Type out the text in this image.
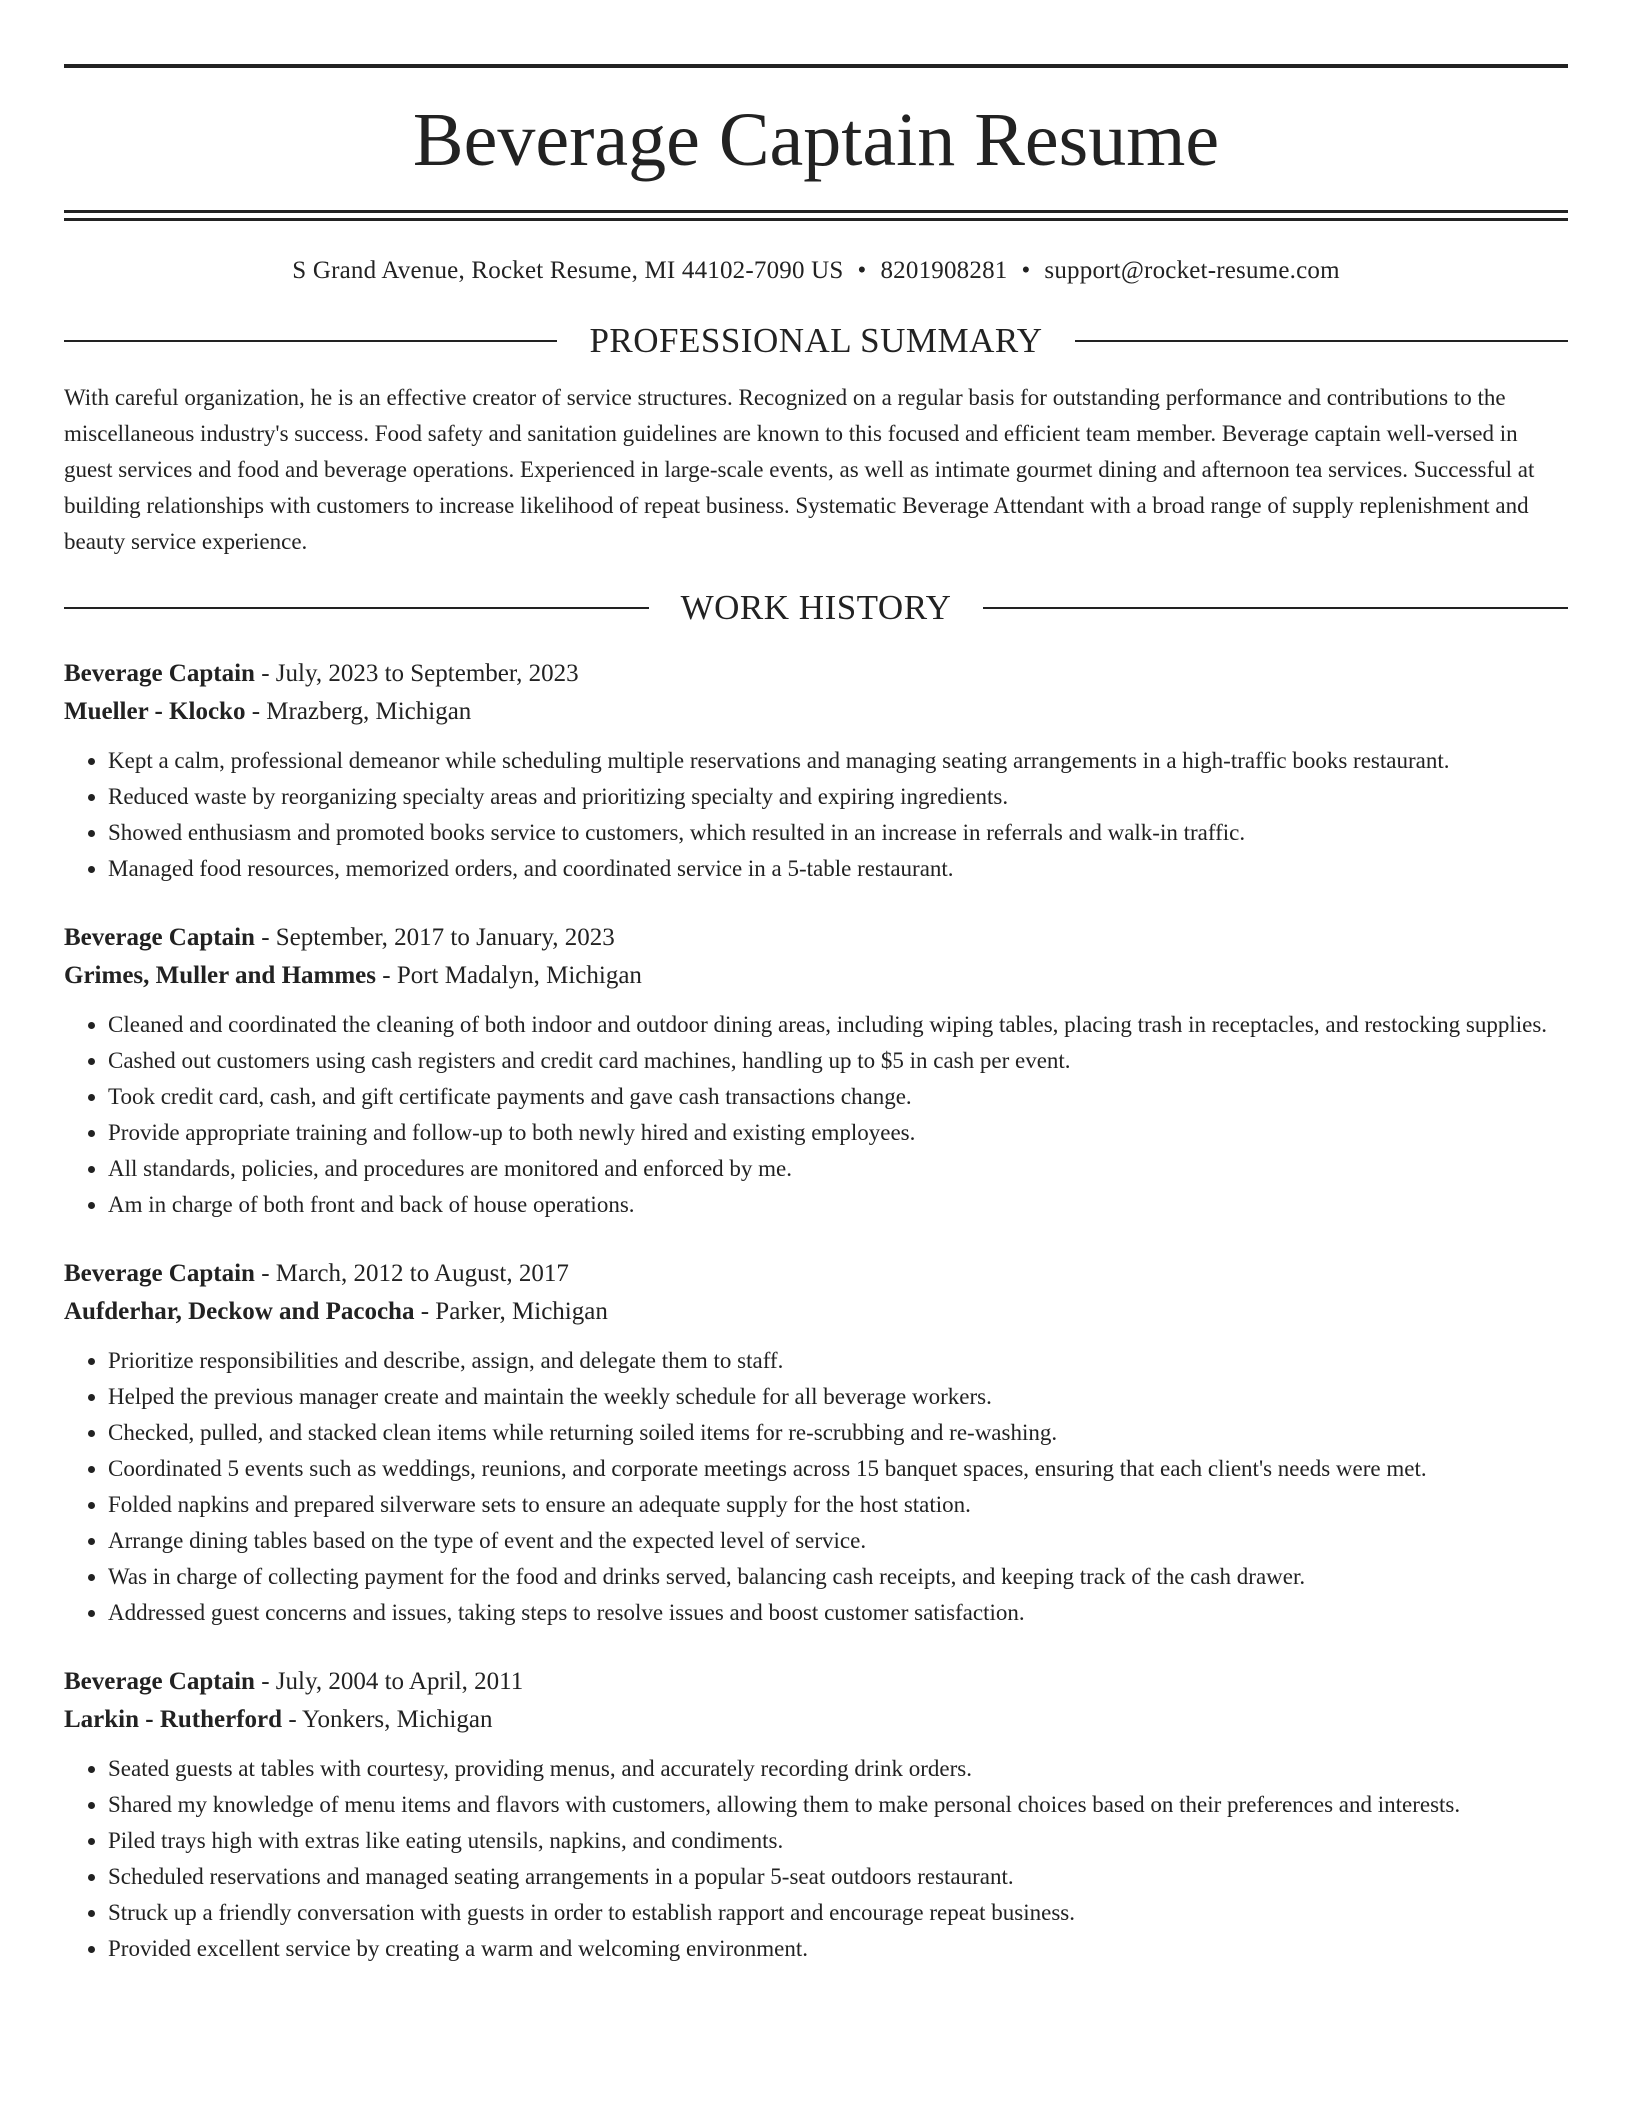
Beverage Captain Resume
S Grand Avenue, Rocket Resume, MI 44102-7090 US • 8201908281 • support@rocket-resume.com
PROFESSIONAL SUMMARY
With careful organization, he is an effective creator of service structures. Recognized on a regular basis for outstanding performance and contributions to the miscellaneous industry's success. Food safety and sanitation guidelines are known to this focused and efficient team member. Beverage captain well-versed in guest services and food and beverage operations. Experienced in large-scale events, as well as intimate gourmet dining and afternoon tea services. Successful at building relationships with customers to increase likelihood of repeat business. Systematic Beverage Attendant with a broad range of supply replenishment and beauty service experience.
WORK HISTORY
Beverage Captain - July, 2023 to September, 2023
Mueller - Klocko - Mrazberg, Michigan
• Kept a calm, professional demeanor while scheduling multiple reservations and managing seating arrangements in a high-traffic books restaurant.
• Reduced waste by reorganizing specialty areas and prioritizing specialty and expiring ingredients.
• Showed enthusiasm and promoted books service to customers, which resulted in an increase in referrals and walk-in traffic.
• Managed food resources, memorized orders, and coordinated service in a 5-table restaurant.
Beverage Captain - September, 2017 to January, 2023
Grimes, Muller and Hammes - Port Madalyn, Michigan
• Cleaned and coordinated the cleaning of both indoor and outdoor dining areas, including wiping tables, placing trash in receptacles, and restocking supplies.
• Cashed out customers using cash registers and credit card machines, handling up to $5 in cash per event.
• Took credit card, cash, and gift certificate payments and gave cash transactions change.
• Provide appropriate training and follow-up to both newly hired and existing employees.
• All standards, policies, and procedures are monitored and enforced by me.
• Am in charge of both front and back of house operations.
Beverage Captain - March, 2012 to August, 2017
Aufderhar, Deckow and Pacocha - Parker, Michigan
• Prioritize responsibilities and describe, assign, and delegate them to staff.
• Helped the previous manager create and maintain the weekly schedule for all beverage workers.
• Checked, pulled, and stacked clean items while returning soiled items for re-scrubbing and re-washing.
• Coordinated 5 events such as weddings, reunions, and corporate meetings across 15 banquet spaces, ensuring that each client's needs were met.
• Folded napkins and prepared silverware sets to ensure an adequate supply for the host station.
• Arrange dining tables based on the type of event and the expected level of service.
• Was in charge of collecting payment for the food and drinks served, balancing cash receipts, and keeping track of the cash drawer.
• Addressed guest concerns and issues, taking steps to resolve issues and boost customer satisfaction.
Beverage Captain - July, 2004 to April, 2011
Larkin - Rutherford - Yonkers, Michigan
• Seated guests at tables with courtesy, providing menus, and accurately recording drink orders.
• Shared my knowledge of menu items and flavors with customers, allowing them to make personal choices based on their preferences and interests.
• Piled trays high with extras like eating utensils, napkins, and condiments.
• Scheduled reservations and managed seating arrangements in a popular 5-seat outdoors restaurant.
• Struck up a friendly conversation with guests in order to establish rapport and encourage repeat business.
• Provided excellent service by creating a warm and welcoming environment.
